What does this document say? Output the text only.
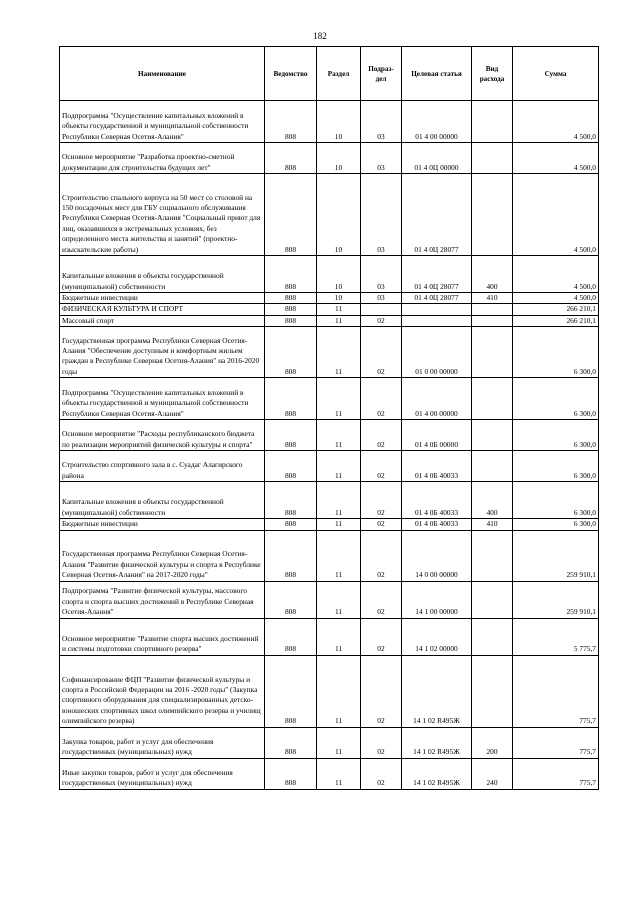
182
Наименование	Ведомство	Раздел	Подраз-дел	Целевая статья	Вид расхода	Сумма
Подпрограмма "Осуществление капитальных вложений в объекты государственной и муниципальной собственности Республики Северная Осетия-Алания"	808	10	03	01 4 00 00000		4 500,0
Основное мероприятие "Разработка проектно-сметной документации для строительства будущих лет"	808	10	03	01 4 0Ц 00000		4 500,0
Строительство спального корпуса на 50 мест со столовой на 150 посадочных мест для ГБУ социального обслуживания Республики Северная Осетия-Алания "Социальный приют для лиц, оказавшихся в экстремальных условиях, без определенного места жительства и занятий" (проектно-изыскательские работы)	808	10	03	01 4 0Ц 28077		4 500,0
Капитальные вложения в объекты государственной (муниципальной) собственности	808	10	03	01 4 0Ц 28077	400	4 500,0
Бюджетные инвестиции	808	10	03	01 4 0Ц 28077	410	4 500,0
ФИЗИЧЕСКАЯ КУЛЬТУРА И СПОРТ	808	11				266 210,1
Массовый спорт	808	11	02			266 210,1
Государственная программа Республики Северная Осетия-Алания "Обеспечение доступным и комфортным жильем граждан в Республике Северная Осетия-Алания" на 2016-2020 годы	808	11	02	01 0 00 00000		6 300,0
Подпрограмма "Осуществление капитальных вложений в объекты государственной и муниципальной собственности Республики Северная Осетия-Алания"	808	11	02	01 4 00 00000		6 300,0
Основное мероприятие "Расходы республиканского бюджета по реализации мероприятий физической культуры и спорта"	808	11	02	01 4 0Б 00000		6 300,0
Строительство спортивного зала в с. Суадаг Алагирского района	808	11	02	01 4 0Б 40033		6 300,0
Капитальные вложения в объекты государственной (муниципальной) собственности	808	11	02	01 4 0Б 40033	400	6 300,0
Бюджетные инвестиции	808	11	02	01 4 0Б 40033	410	6 300,0
Государственная программа Республики Северная Осетия-Алания "Развитие физической культуры и спорта в Республике Северная Осетия-Алания" на 2017-2020 годы"	808	11	02	14 0 00 00000		259 910,1
Подпрограмма "Развитие физической культуры, массового спорта и спорта высших достижений в Республике Северная Осетия-Алания"	808	11	02	14 1 00 00000		259 910,1
Основное мероприятие "Развитие спорта высших достижений и системы подготовки спортивного резерва"	808	11	02	14 1 02 00000		5 775,7
Софинансирование ФЦП "Развитие физической культуры и спорта в Российской Федерации на 2016 -2020 годы" (Закупка спортивного оборудования для специализированных детско-юношеских спортивных школ олимпийского резерва и училищ олимпийского резерва)	808	11	02	14 1 02 R495Ж		775,7
Закупка товаров, работ и услуг для обеспечения государственных (муниципальных) нужд	808	11	02	14 1 02 R495Ж	200	775,7
Иные закупки товаров, работ и услуг для обеспечения государственных (муниципальных) нужд	808	11	02	14 1 02 R495Ж	240	775,7
